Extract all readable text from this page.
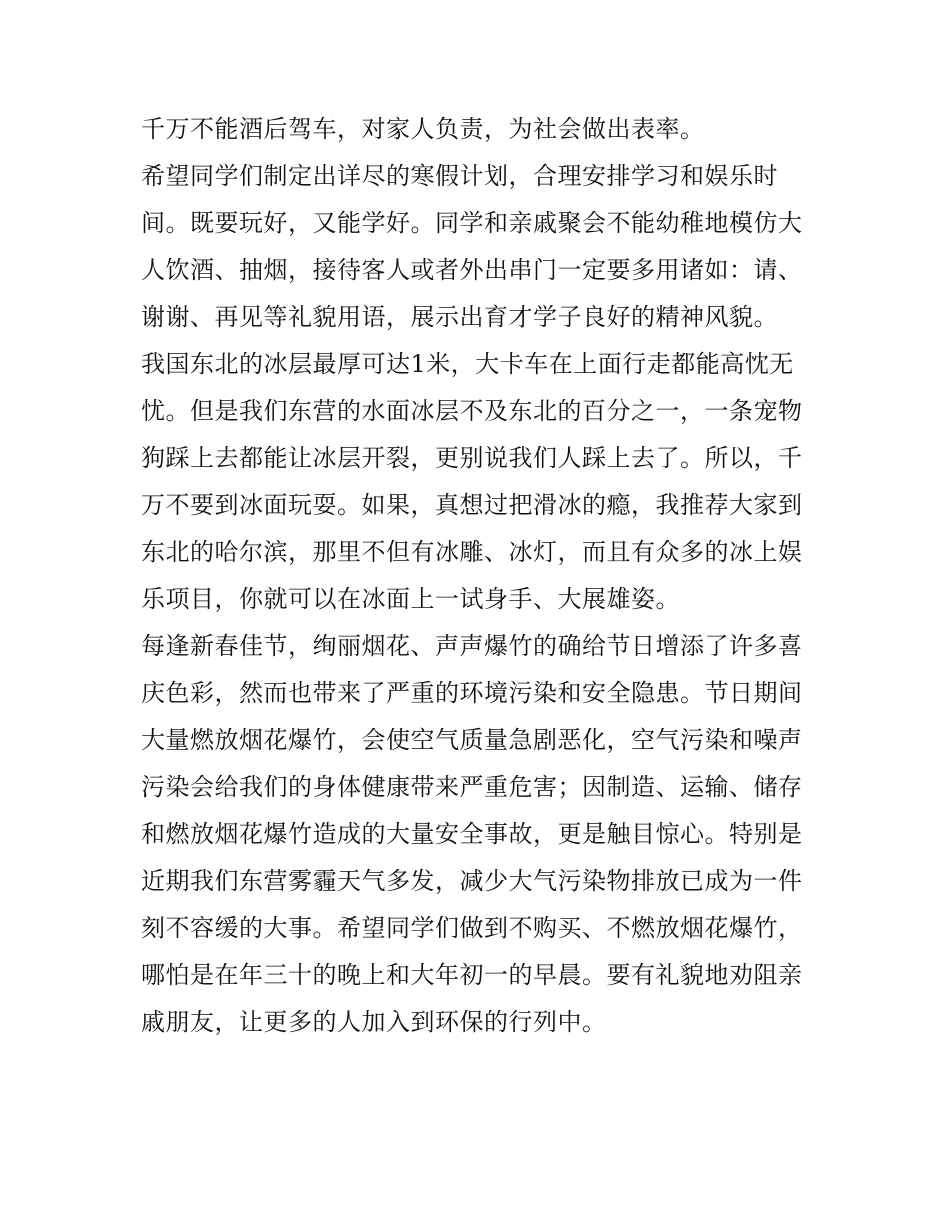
千万不能酒后驾车，对家人负责，为社会做出表率。
希望同学们制定出详尽的寒假计划，合理安排学习和娱乐时
间。既要玩好，又能学好。同学和亲戚聚会不能幼稚地模仿大
人饮酒、抽烟，接待客人或者外出串门一定要多用诸如：请、
谢谢、再见等礼貌用语，展示出育才学子良好的精神风貌。
我国东北的冰层最厚可达1米，大卡车在上面行走都能高忱无
忧。但是我们东营的水面冰层不及东北的百分之一，一条宠物
狗踩上去都能让冰层开裂，更别说我们人踩上去了。所以，千
万不要到冰面玩耍。如果，真想过把滑冰的瘾，我推荐大家到
东北的哈尔滨，那里不但有冰雕、冰灯，而且有众多的冰上娱
乐项目，你就可以在冰面上一试身手、大展雄姿。
每逢新春佳节，绚丽烟花、声声爆竹的确给节日增添了许多喜
庆色彩，然而也带来了严重的环境污染和安全隐患。节日期间
大量燃放烟花爆竹，会使空气质量急剧恶化，空气污染和噪声
污染会给我们的身体健康带来严重危害；因制造、运输、储存
和燃放烟花爆竹造成的大量安全事故，更是触目惊心。特别是
近期我们东营雾霾天气多发，减少大气污染物排放已成为一件
刻不容缓的大事。希望同学们做到不购买、不燃放烟花爆竹，
哪怕是在年三十的晚上和大年初一的早晨。要有礼貌地劝阻亲
戚朋友，让更多的人加入到环保的行列中。
